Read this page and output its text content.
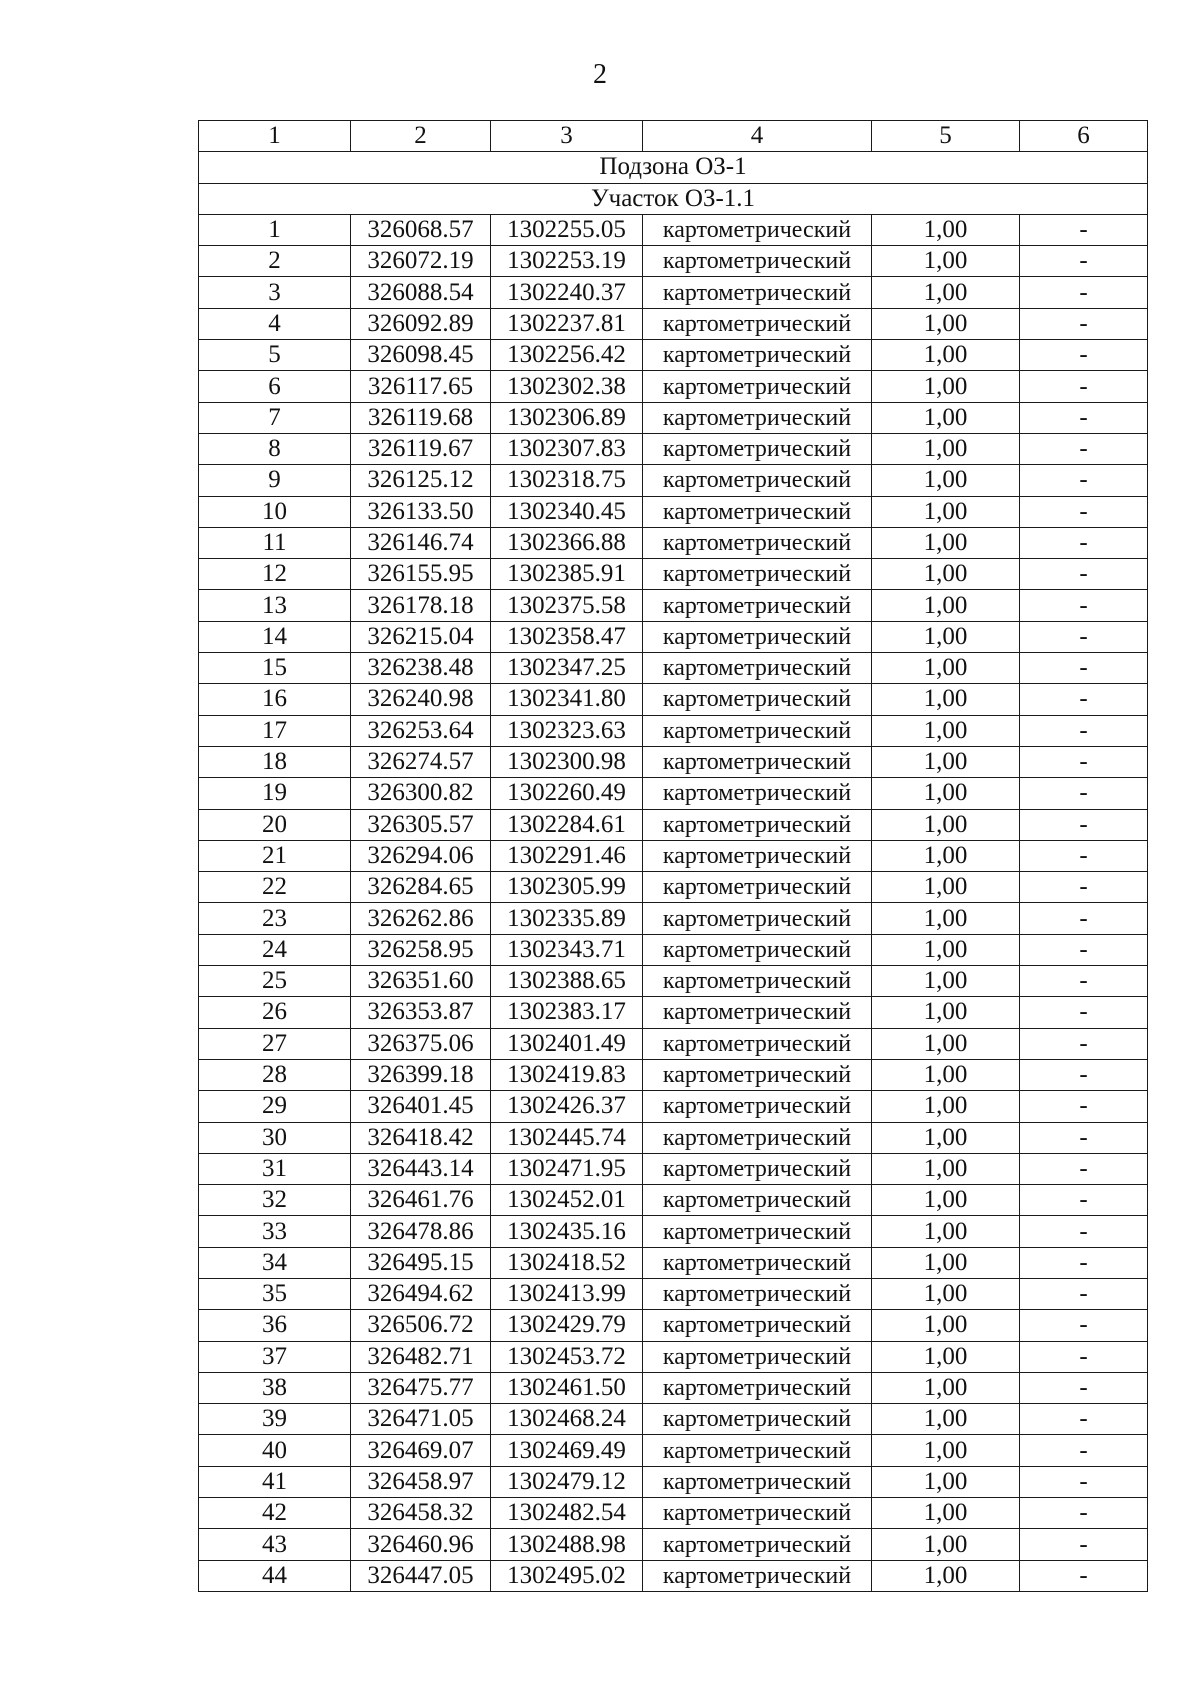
2
1	2	3	4	5	6
Подзона ОЗ-1					
Участок ОЗ-1.1					
1	326068.57	1302255.05	картометрический	1,00	-
2	326072.19	1302253.19	картометрический	1,00	-
3	326088.54	1302240.37	картометрический	1,00	-
4	326092.89	1302237.81	картометрический	1,00	-
5	326098.45	1302256.42	картометрический	1,00	-
6	326117.65	1302302.38	картометрический	1,00	-
7	326119.68	1302306.89	картометрический	1,00	-
8	326119.67	1302307.83	картометрический	1,00	-
9	326125.12	1302318.75	картометрический	1,00	-
10	326133.50	1302340.45	картометрический	1,00	-
11	326146.74	1302366.88	картометрический	1,00	-
12	326155.95	1302385.91	картометрический	1,00	-
13	326178.18	1302375.58	картометрический	1,00	-
14	326215.04	1302358.47	картометрический	1,00	-
15	326238.48	1302347.25	картометрический	1,00	-
16	326240.98	1302341.80	картометрический	1,00	-
17	326253.64	1302323.63	картометрический	1,00	-
18	326274.57	1302300.98	картометрический	1,00	-
19	326300.82	1302260.49	картометрический	1,00	-
20	326305.57	1302284.61	картометрический	1,00	-
21	326294.06	1302291.46	картометрический	1,00	-
22	326284.65	1302305.99	картометрический	1,00	-
23	326262.86	1302335.89	картометрический	1,00	-
24	326258.95	1302343.71	картометрический	1,00	-
25	326351.60	1302388.65	картометрический	1,00	-
26	326353.87	1302383.17	картометрический	1,00	-
27	326375.06	1302401.49	картометрический	1,00	-
28	326399.18	1302419.83	картометрический	1,00	-
29	326401.45	1302426.37	картометрический	1,00	-
30	326418.42	1302445.74	картометрический	1,00	-
31	326443.14	1302471.95	картометрический	1,00	-
32	326461.76	1302452.01	картометрический	1,00	-
33	326478.86	1302435.16	картометрический	1,00	-
34	326495.15	1302418.52	картометрический	1,00	-
35	326494.62	1302413.99	картометрический	1,00	-
36	326506.72	1302429.79	картометрический	1,00	-
37	326482.71	1302453.72	картометрический	1,00	-
38	326475.77	1302461.50	картометрический	1,00	-
39	326471.05	1302468.24	картометрический	1,00	-
40	326469.07	1302469.49	картометрический	1,00	-
41	326458.97	1302479.12	картометрический	1,00	-
42	326458.32	1302482.54	картометрический	1,00	-
43	326460.96	1302488.98	картометрический	1,00	-
44	326447.05	1302495.02	картометрический	1,00	-
